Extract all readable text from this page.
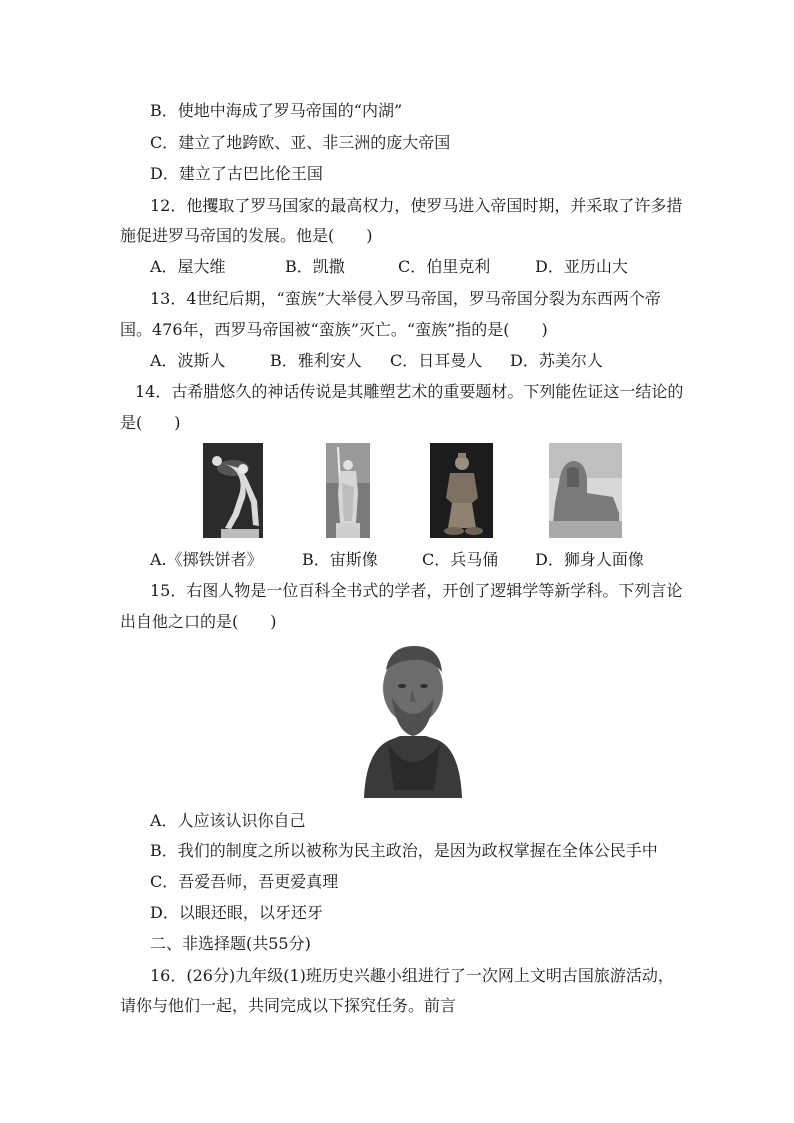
B．使地中海成了罗马帝国的“内湖”
C．建立了地跨欧、亚、非三洲的庞大帝国
D．建立了古巴比伦王国
12．他攫取了罗马国家的最高权力，使罗马进入帝国时期，并采取了许多措
施促进罗马帝国的发展。他是(　　)
A．屋大维	B．凯撒	C．伯里克利	D．亚历山大
13．4世纪后期，“蛮族”大举侵入罗马帝国，罗马帝国分裂为东西两个帝
国。476年，西罗马帝国被“蛮族”灭亡。“蛮族”指的是(　　)
A．波斯人	B．雅利安人 C．日耳曼人 D．苏美尔人
14．古希腊悠久的神话传说是其雕塑艺术的重要题材。下列能佐证这一结论的
是(　　)
A.《掷铁饼者》 B．宙斯像	C．兵马俑 D．狮身人面像
15．右图人物是一位百科全书式的学者，开创了逻辑学等新学科。下列言论
出自他之口的是(　　)
A．人应该认识你自己
B．我们的制度之所以被称为民主政治，是因为政权掌握在全体公民手中
C．吾爱吾师，吾更爱真理
D．以眼还眼，以牙还牙
二、非选择题(共55分)
16．(26分)九年级(1)班历史兴趣小组进行了一次网上文明古国旅游活动，
请你与他们一起，共同完成以下探究任务。前言
